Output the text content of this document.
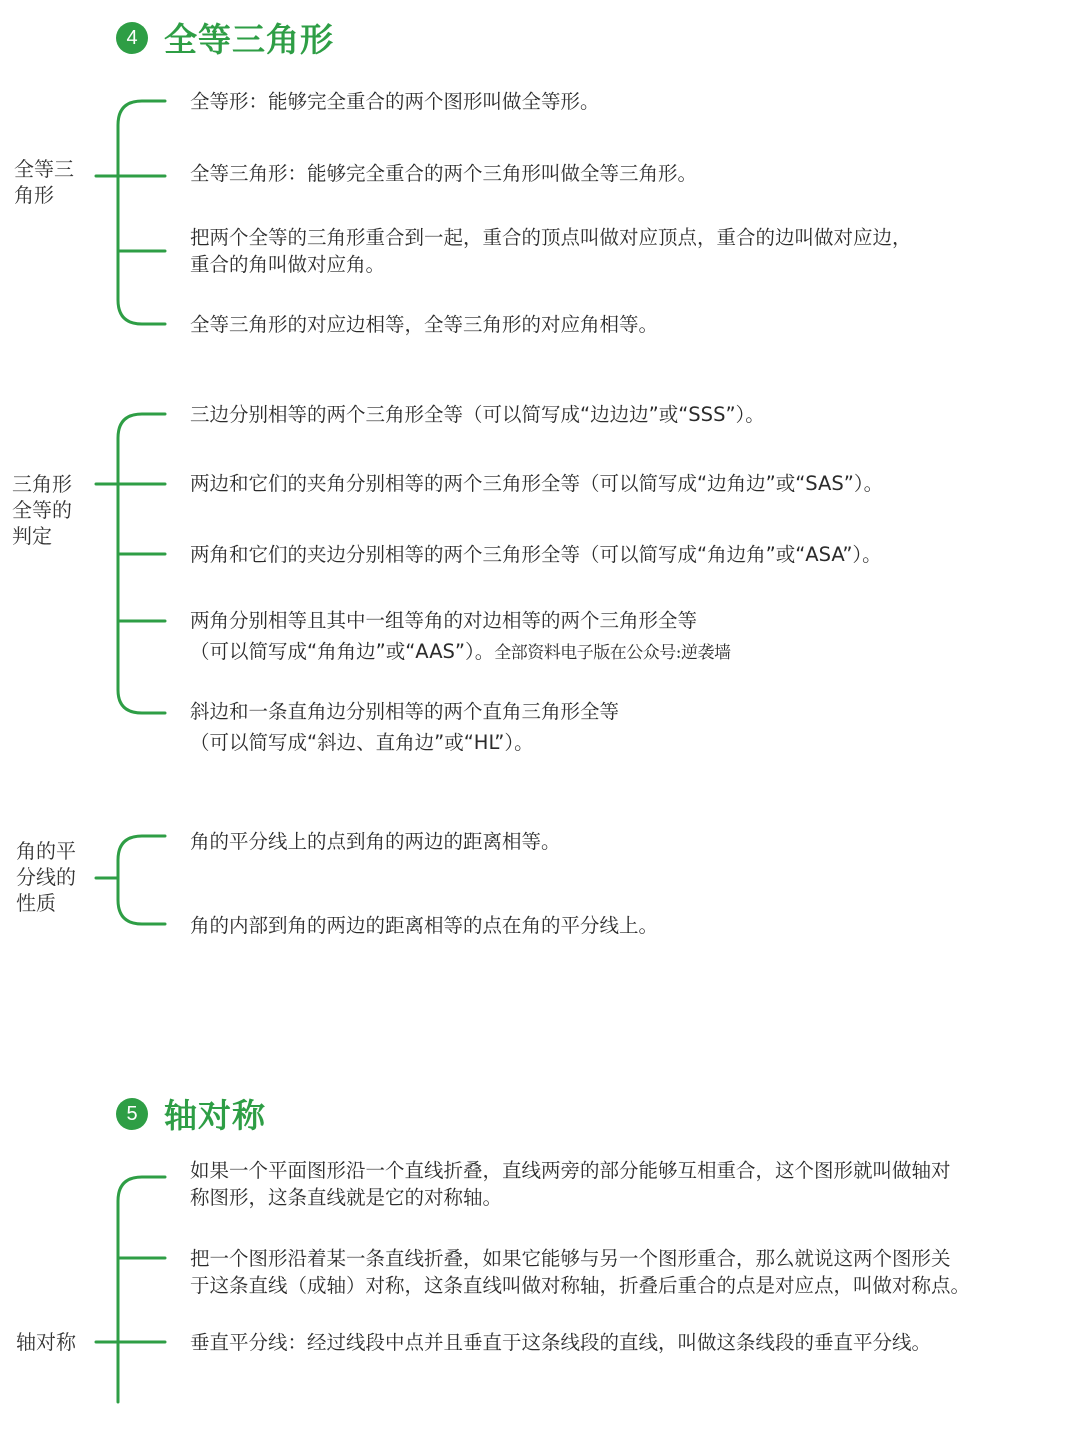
4 全等三角形
全等三
角形
全等形：能够完全重合的两个图形叫做全等形。
全等三角形：能够完全重合的两个三角形叫做全等三角形。
把两个全等的三角形重合到一起，重合的顶点叫做对应顶点，重合的边叫做对应边，
重合的角叫做对应角。
全等三角形的对应边相等，全等三角形的对应角相等。
三角形
全等的
判定
三边分别相等的两个三角形全等（可以简写成“边边边”或“SSS”）。
两边和它们的夹角分别相等的两个三角形全等（可以简写成“边角边”或“SAS”）。
两角和它们的夹边分别相等的两个三角形全等（可以简写成“角边角”或“ASA”）。
两角分别相等且其中一组等角的对边相等的两个三角形全等
（可以简写成“角角边”或“AAS”）。全部资料电子版在公众号:逆袭墙
斜边和一条直角边分别相等的两个直角三角形全等
（可以简写成“斜边、直角边”或“HL”）。
角的平
分线的
性质
角的平分线上的点到角的两边的距离相等。
角的内部到角的两边的距离相等的点在角的平分线上。
5 轴对称
轴对称
如果一个平面图形沿一个直线折叠，直线两旁的部分能够互相重合，这个图形就叫做轴对
称图形，这条直线就是它的对称轴。
把一个图形沿着某一条直线折叠，如果它能够与另一个图形重合，那么就说这两个图形关
于这条直线（成轴）对称，这条直线叫做对称轴，折叠后重合的点是对应点，叫做对称点。
垂直平分线：经过线段中点并且垂直于这条线段的直线，叫做这条线段的垂直平分线。
